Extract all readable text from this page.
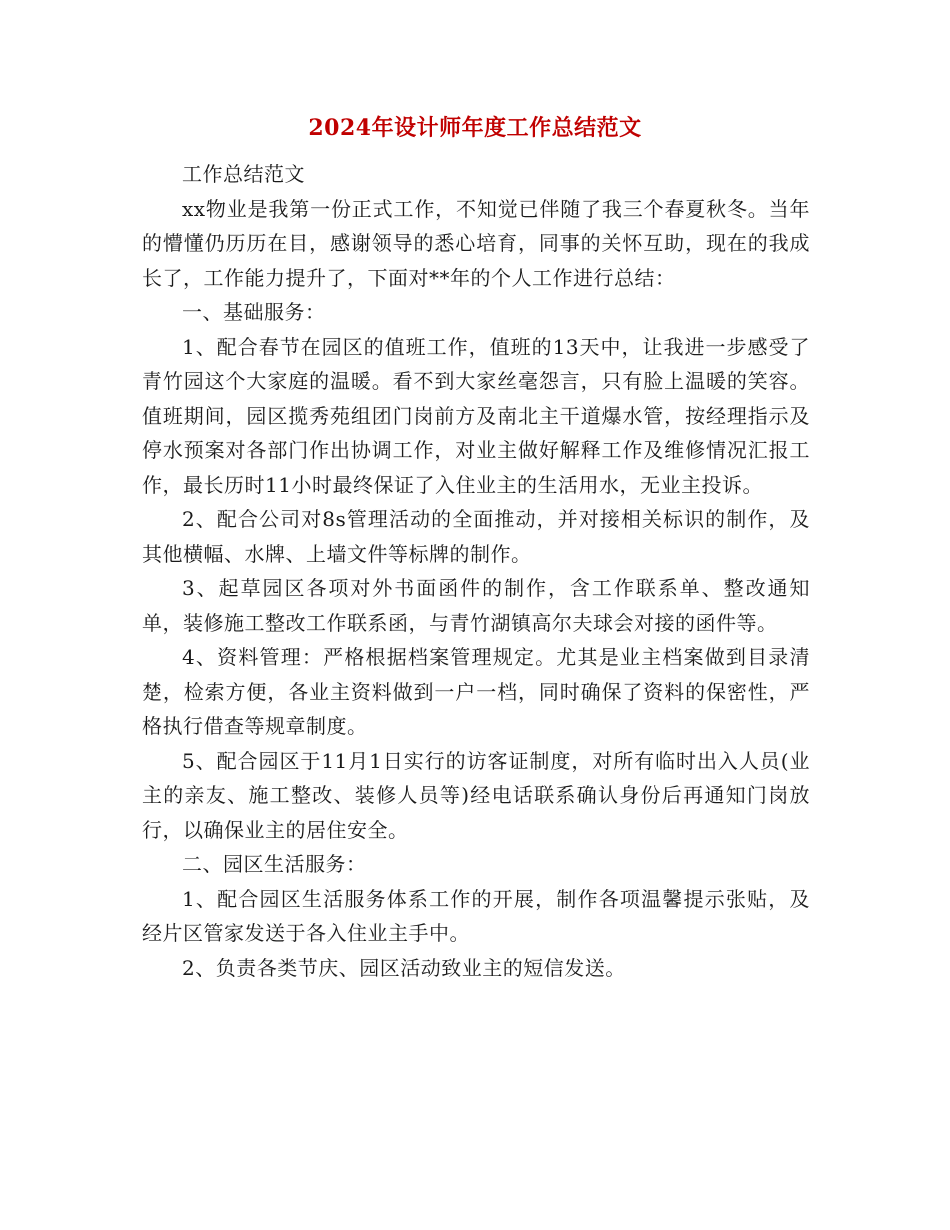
2024年设计师年度工作总结范文

工作总结范文

xx物业是我第一份正式工作，不知觉已伴随了我三个春夏秋冬。当年的懵懂仍历历在目，感谢领导的悉心培育，同事的关怀互助，现在的我成长了，工作能力提升了，下面对**年的个人工作进行总结：

一、基础服务：

1、配合春节在园区的值班工作，值班的13天中，让我进一步感受了青竹园这个大家庭的温暖。看不到大家丝毫怨言，只有脸上温暖的笑容。值班期间，园区揽秀苑组团门岗前方及南北主干道爆水管，按经理指示及停水预案对各部门作出协调工作，对业主做好解释工作及维修情况汇报工作，最长历时11小时最终保证了入住业主的生活用水，无业主投诉。

2、配合公司对8s管理活动的全面推动，并对接相关标识的制作，及其他横幅、水牌、上墙文件等标牌的制作。

3、起草园区各项对外书面函件的制作，含工作联系单、整改通知单，装修施工整改工作联系函，与青竹湖镇高尔夫球会对接的函件等。

4、资料管理：严格根据档案管理规定。尤其是业主档案做到目录清楚，检索方便，各业主资料做到一户一档，同时确保了资料的保密性，严格执行借查等规章制度。

5、配合园区于11月1日实行的访客证制度，对所有临时出入人员(业主的亲友、施工整改、装修人员等)经电话联系确认身份后再通知门岗放行，以确保业主的居住安全。

二、园区生活服务：

1、配合园区生活服务体系工作的开展，制作各项温馨提示张贴，及经片区管家发送于各入住业主手中。

2、负责各类节庆、园区活动致业主的短信发送。
